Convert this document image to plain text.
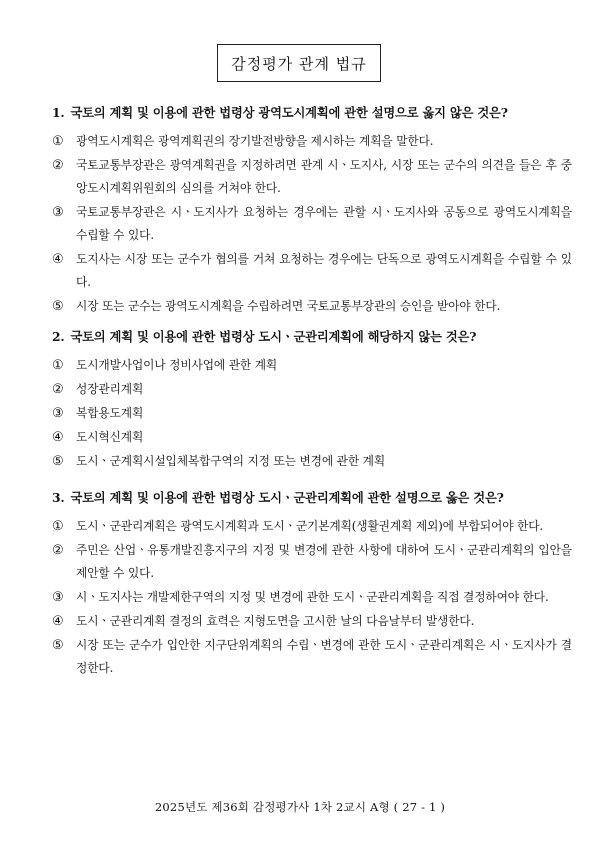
감정평가 관계 법규
1. 국토의 계획 및 이용에 관한 법령상 광역도시계획에 관한 설명으로 옳지 않은 것은?
①	광역도시계획은 광역계획권의 장기발전방향을 제시하는 계획을 말한다.
②	국토교통부장관은 광역계획권을 지정하려면 관계 시ㆍ도지사, 시장 또는 군수의 의견을 들은 후 중앙도시계획위원회의 심의를 거쳐야 한다.
③	국토교통부장관은 시ㆍ도지사가 요청하는 경우에는 관할 시ㆍ도지사와 공동으로 광역도시계획을 수립할 수 있다.
④	도지사는 시장 또는 군수가 협의를 거쳐 요청하는 경우에는 단독으로 광역도시계획을 수립할 수 있다.
⑤	시장 또는 군수는 광역도시계획을 수립하려면 국토교통부장관의 승인을 받아야 한다.
2. 국토의 계획 및 이용에 관한 법령상 도시ㆍ군관리계획에 해당하지 않는 것은?
①	도시개발사업이나 정비사업에 관한 계획
②	성장관리계획
③	복합용도계획
④	도시혁신계획
⑤	도시ㆍ군계획시설입체복합구역의 지정 또는 변경에 관한 계획
3. 국토의 계획 및 이용에 관한 법령상 도시ㆍ군관리계획에 관한 설명으로 옳은 것은?
①	도시ㆍ군관리계획은 광역도시계획과 도시ㆍ군기본계획(생활권계획 제외)에 부합되어야 한다.
②	주민은 산업ㆍ유통개발진흥지구의 지정 및 변경에 관한 사항에 대하여 도시ㆍ군관리계획의 입안을 제안할 수 있다.
③	시ㆍ도지사는 개발제한구역의 지정 및 변경에 관한 도시ㆍ군관리계획을 직접 결정하여야 한다.
④	도시ㆍ군관리계획 결정의 효력은 지형도면을 고시한 날의 다음날부터 발생한다.
⑤	시장 또는 군수가 입안한 지구단위계획의 수립ㆍ변경에 관한 도시ㆍ군관리계획은 시ㆍ도지사가 결정한다.
2025년도 제36회 감정평가사 1차 2교시 A형 ( 27 - 1 )
